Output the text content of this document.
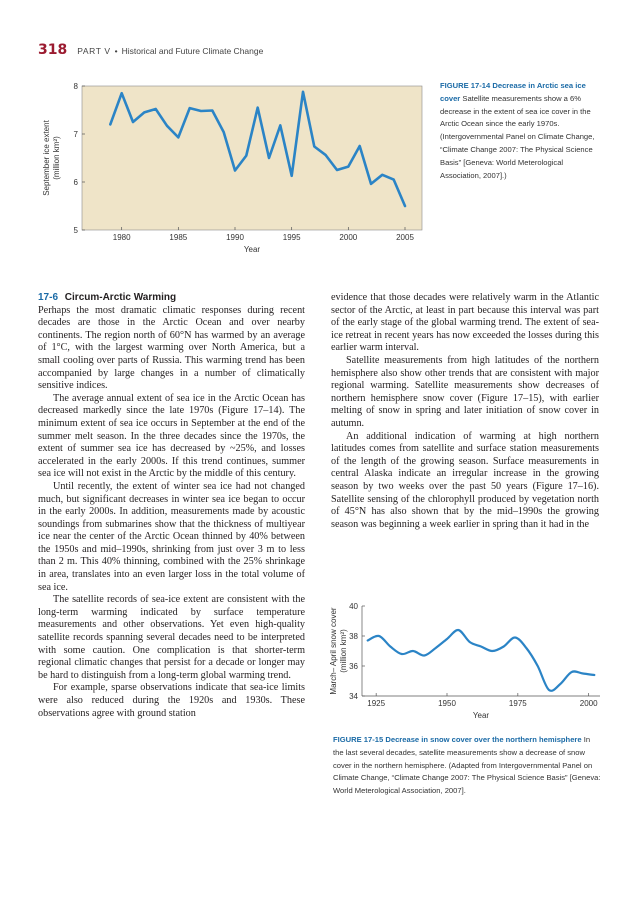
318 PART V • Historical and Future Climate Change
5
6
7
8
1980	1985	1990	1995	2000	2005
Year
September ice extent (million km²)
FIGURE 17-14 Decrease in Arctic sea ice cover Satellite measurements show a 6% decrease in the extent of sea ice cover in the Arctic Ocean since the early 1970s. (Intergovernmental Panel on Climate Change, “Climate Change 2007: The Physical Science Basis” [Geneva: World Meterological Association, 2007].)

17-6 Circum-Arctic Warming

Perhaps the most dramatic climatic responses during recent decades are those in the Arctic Ocean and over nearby continents. The region north of 60°N has warmed by an average of 1°C, with the largest warming over North America, but a small cooling over parts of Russia. This warming trend has been accompanied by large changes in a number of climatically sensitive indices.

The average annual extent of sea ice in the Arctic Ocean has decreased markedly since the late 1970s (Figure 17–14). The minimum extent of sea ice occurs in September at the end of the summer melt season. In the three decades since the 1970s, the extent of summer sea ice has decreased by ~25%, and losses accelerated in the early 2000s. If this trend continues, summer sea ice will not exist in the Arctic by the middle of this century.

Until recently, the extent of winter sea ice had not changed much, but significant decreases in winter sea ice began to occur in the early 2000s. In addition, measurements made by acoustic soundings from submarines show that the thickness of multiyear ice near the center of the Arctic Ocean thinned by 40% between the 1950s and mid–1990s, shrinking from just over 3 m to less than 2 m. This 40% thinning, combined with the 25% shrinkage in area, translates into an even larger loss in the total volume of sea ice.

The satellite records of sea-ice extent are consistent with the long-term warming indicated by surface temperature measurements and other observations. Yet even high-quality satellite records spanning several decades need to be interpreted with some caution. One complication is that shorter-term regional climatic changes that persist for a decade or longer may be hard to distinguish from a long-term global warming trend.

For example, sparse observations indicate that sea-ice limits were also reduced during the 1920s and 1930s. These observations agree with ground station

evidence that those decades were relatively warm in the Atlantic sector of the Arctic, at least in part because this interval was part of the early stage of the global warming trend. The extent of sea-ice retreat in recent years has now exceeded the losses during this earlier warm interval.

Satellite measurements from high latitudes of the northern hemisphere also show other trends that are consistent with major regional warming. Satellite measurements show decreases of northern hemisphere snow cover (Figure 17–15), with earlier melting of snow in spring and later initiation of snow cover in autumn.

An additional indication of warming at high northern latitudes comes from satellite and surface station measurements of the length of the growing season. Surface measurements in central Alaska indicate an irregular increase in the growing season by two weeks over the past 50 years (Figure 17–16). Satellite sensing of the chlorophyll produced by vegetation north of 45°N has also shown that by the mid–1990s the growing season was beginning a week earlier in spring than it had in the

34
36
38
40
1925	1950	1975	2000
Year
March– April snow cover (million km²)
FIGURE 17-15 Decrease in snow cover over the northern hemisphere In the last several decades, satellite measurements show a decrease of snow cover in the northern hemisphere. (Adapted from Intergovernmental Panel on Climate Change, “Climate Change 2007: The Physical Science Basis” [Geneva: World Meterological Association, 2007].
